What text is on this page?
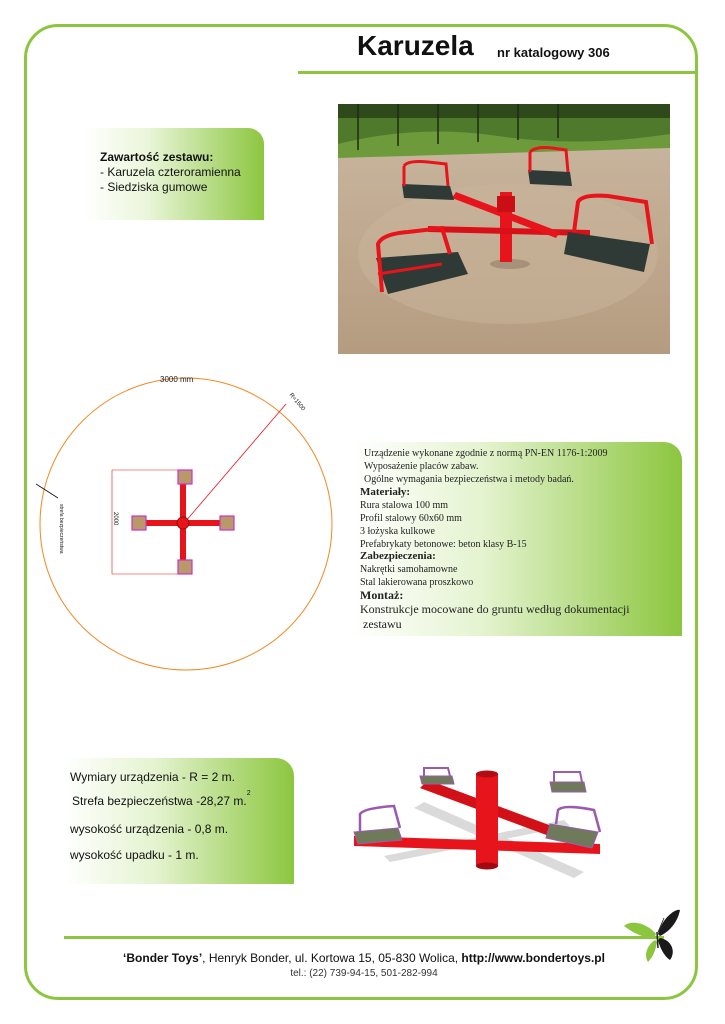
Karuzela nr katalogowy 306
Zawartość zestawu:
- Karuzela czteroramienna
- Siedziska gumowe
3000 mm
R=1500
strefa bezpieczeństwa	2000
Urządzenie wykonane zgodnie z normą PN-EN 1176-1:2009
Wyposażenie placów zabaw.
Ogólne wymagania bezpieczeństwa i metody badań.
Materiały:
Rura stalowa 100 mm
Profil stalowy 60x60 mm
3 łożyska kulkowe
Prefabrykaty betonowe: beton klasy B-15
Zabezpieczenia:
Nakrętki samohamowne
Stal lakierowana proszkowo
Montaż:
Konstrukcje mocowane do gruntu według dokumentacji
zestawu
Wymiary urządzenia - R = 2 m.
Strefa bezpieczeństwa -28,27 m.$^2$
wysokość urządzenia - 0,8 m.
wysokość upadku - 1 m.
‘Bonder Toys’, Henryk Bonder, ul. Kortowa 15, 05-830 Wolica, http://www.bondertoys.pl
tel.: (22) 739-94-15, 501-282-994
